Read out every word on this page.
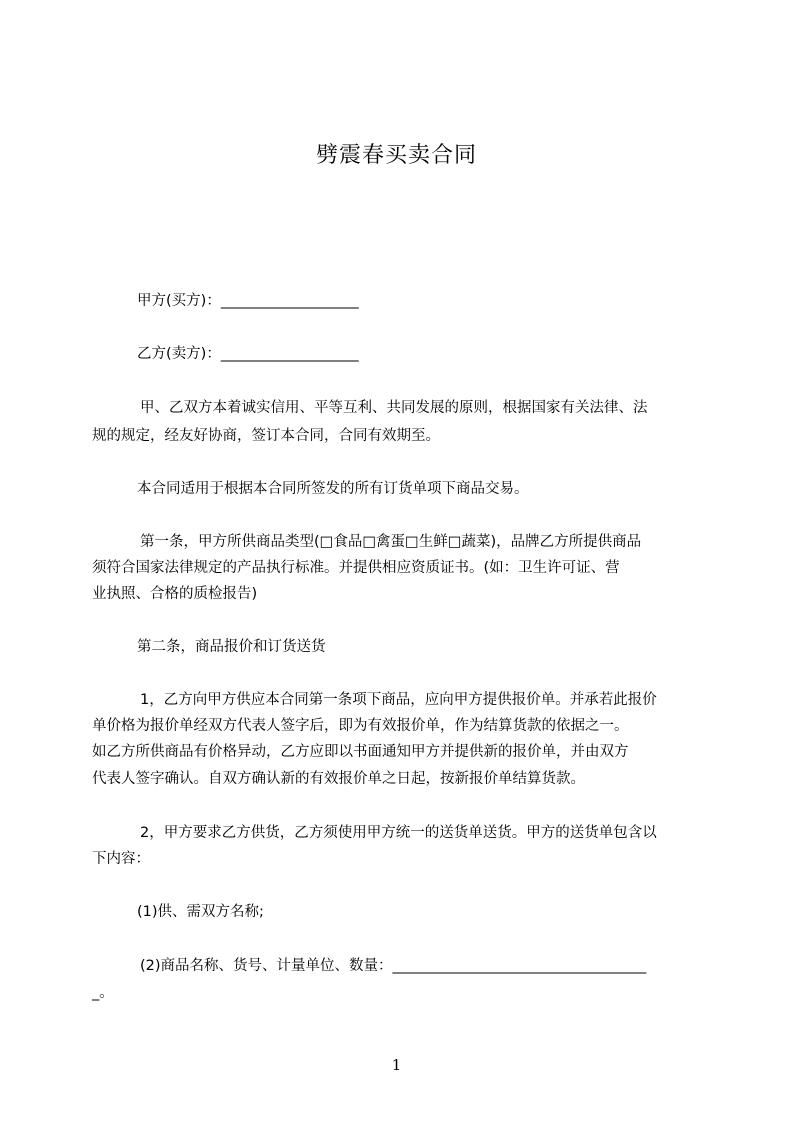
劈震春买卖合同
甲方(买方)：___________________
乙方(卖方)：___________________
甲、乙双方本着诚实信用、平等互利、共同发展的原则，根据国家有关法律、法
规的规定，经友好协商，签订本合同，合同有效期至。
本合同适用于根据本合同所签发的所有订货单项下商品交易。
第一条，甲方所供商品类型(□食品□禽蛋□生鲜□蔬菜)，品牌乙方所提供商品
须符合国家法律规定的产品执行标准。并提供相应资质证书。(如：卫生许可证、营
业执照、合格的质检报告)
第二条，商品报价和订货送货
1，乙方向甲方供应本合同第一条项下商品，应向甲方提供报价单。并承若此报价
单价格为报价单经双方代表人签字后，即为有效报价单，作为结算货款的依据之一。
如乙方所供商品有价格异动，乙方应即以书面通知甲方并提供新的报价单，并由双方
代表人签字确认。自双方确认新的有效报价单之日起，按新报价单结算货款。
2，甲方要求乙方供货，乙方须使用甲方统一的送货单送货。甲方的送货单包含以
下内容：
(1)供、需双方名称;
(2)商品名称、货号、计量单位、数量：___________________________________
_。
1
